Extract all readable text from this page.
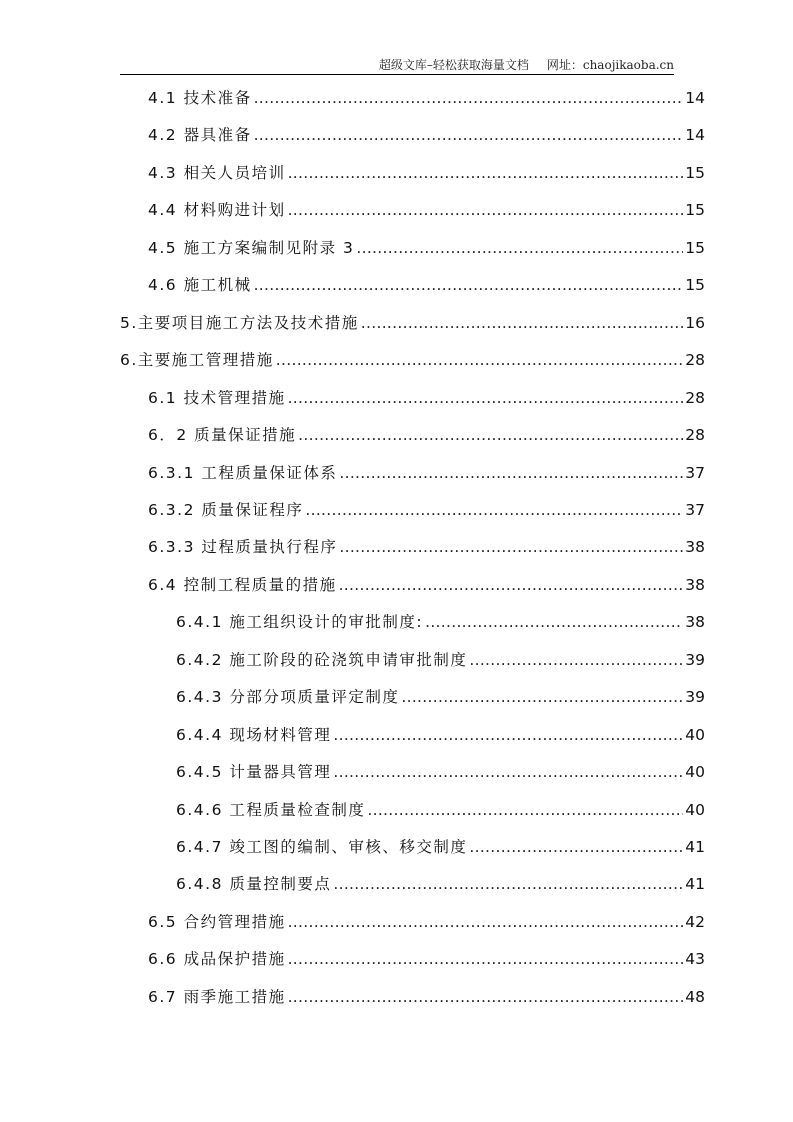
超级文库–轻松获取海量文档 网址：chaojikaoba.cn
4.1 技术准备 .....	14
4.2 器具准备 .....	14
4.3 相关人员培训 .....	15
4.4 材料购进计划 .....	15
4.5 施工方案编制见附录 3 .....	15
4.6 施工机械 .....	15
5.主要项目施工方法及技术措施 .....	16
6.主要施工管理措施 .....	28
6.1 技术管理措施 .....	28
6．2 质量保证措施 .....	28
6.3.1 工程质量保证体系 .....	37
6.3.2 质量保证程序 .....	37
6.3.3 过程质量执行程序 .....	38
6.4 控制工程质量的措施 .....	38
6.4.1 施工组织设计的审批制度: .....	38
6.4.2 施工阶段的砼浇筑申请审批制度 .....	39
6.4.3 分部分项质量评定制度 .....	39
6.4.4 现场材料管理 .....	40
6.4.5 计量器具管理 .....	40
6.4.6 工程质量检查制度 .....	40
6.4.7 竣工图的编制、审核、移交制度 .....	41
6.4.8 质量控制要点 .....	41
6.5 合约管理措施 .....	42
6.6 成品保护措施 .....	43
6.7 雨季施工措施 .....	48
